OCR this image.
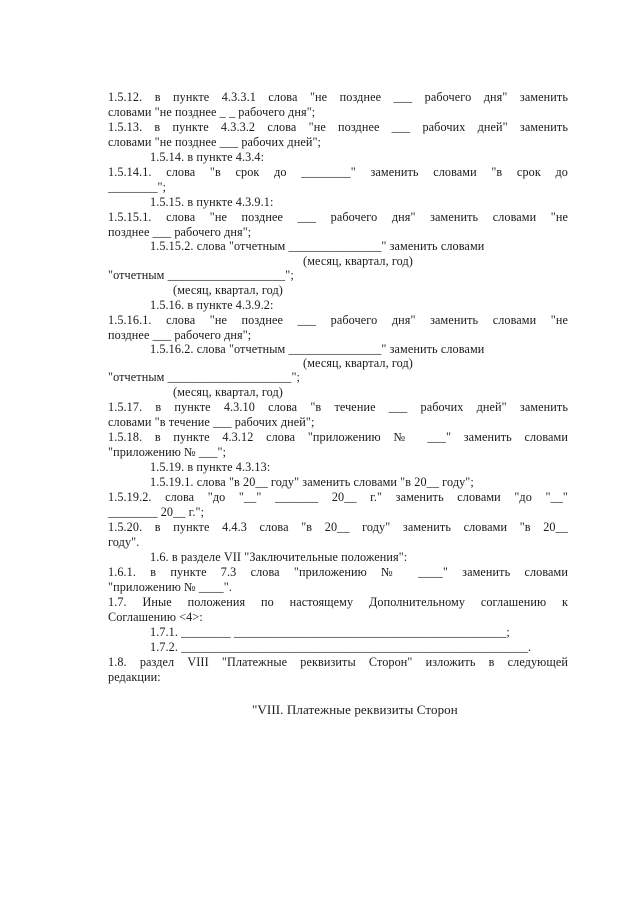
1.5.12. в пункте 4.3.3.1 слова "не позднее ___ рабочего дня" заменить

словами "не позднее _ _ рабочего дня";

1.5.13. в пункте 4.3.3.2 слова "не позднее ___ рабочих дней" заменить

словами "не позднее ___ рабочих дней";

1.5.14. в пункте 4.3.4:

1.5.14.1. слова "в срок до ________" заменить словами "в срок до

________";

1.5.15. в пункте 4.3.9.1:

1.5.15.1. слова "не позднее ___ рабочего дня" заменить словами "не

позднее ___ рабочего дня";

1.5.15.2. слова "отчетным _______________" заменить словами

(месяц, квартал, год)

"отчетным ___________________";

(месяц, квартал, год)

1.5.16. в пункте 4.3.9.2:

1.5.16.1. слова "не позднее ___ рабочего дня" заменить словами "не

позднее ___ рабочего дня";

1.5.16.2. слова "отчетным _______________" заменить словами

(месяц, квартал, год)

"отчетным ____________________";

(месяц, квартал, год)

1.5.17. в пункте 4.3.10 слова "в течение ___ рабочих дней" заменить

словами "в течение ___ рабочих дней";

1.5.18. в пункте 4.3.12 слова "приложению № ___" заменить словами

"приложению № ___";

1.5.19. в пункте 4.3.13:

1.5.19.1. слова "в 20__ году" заменить словами "в 20__ году";

1.5.19.2. слова "до "__" _______ 20__ г." заменить словами "до "__"

________ 20__ г.";

1.5.20. в пункте 4.4.3 слова "в 20__ году" заменить словами "в 20__

году".

1.6. в разделе VII "Заключительные положения":

1.6.1. в пункте 7.3 слова "приложению № ____" заменить словами

"приложению № ____".

1.7. Иные положения по настоящему Дополнительному соглашению к

Соглашению <4>:

1.7.1. ________ ____________________________________________;

1.7.2. ________________________________________________________.

1.8. раздел VIII "Платежные реквизиты Сторон" изложить в следующей

редакции:

"VIII. Платежные реквизиты Сторон
